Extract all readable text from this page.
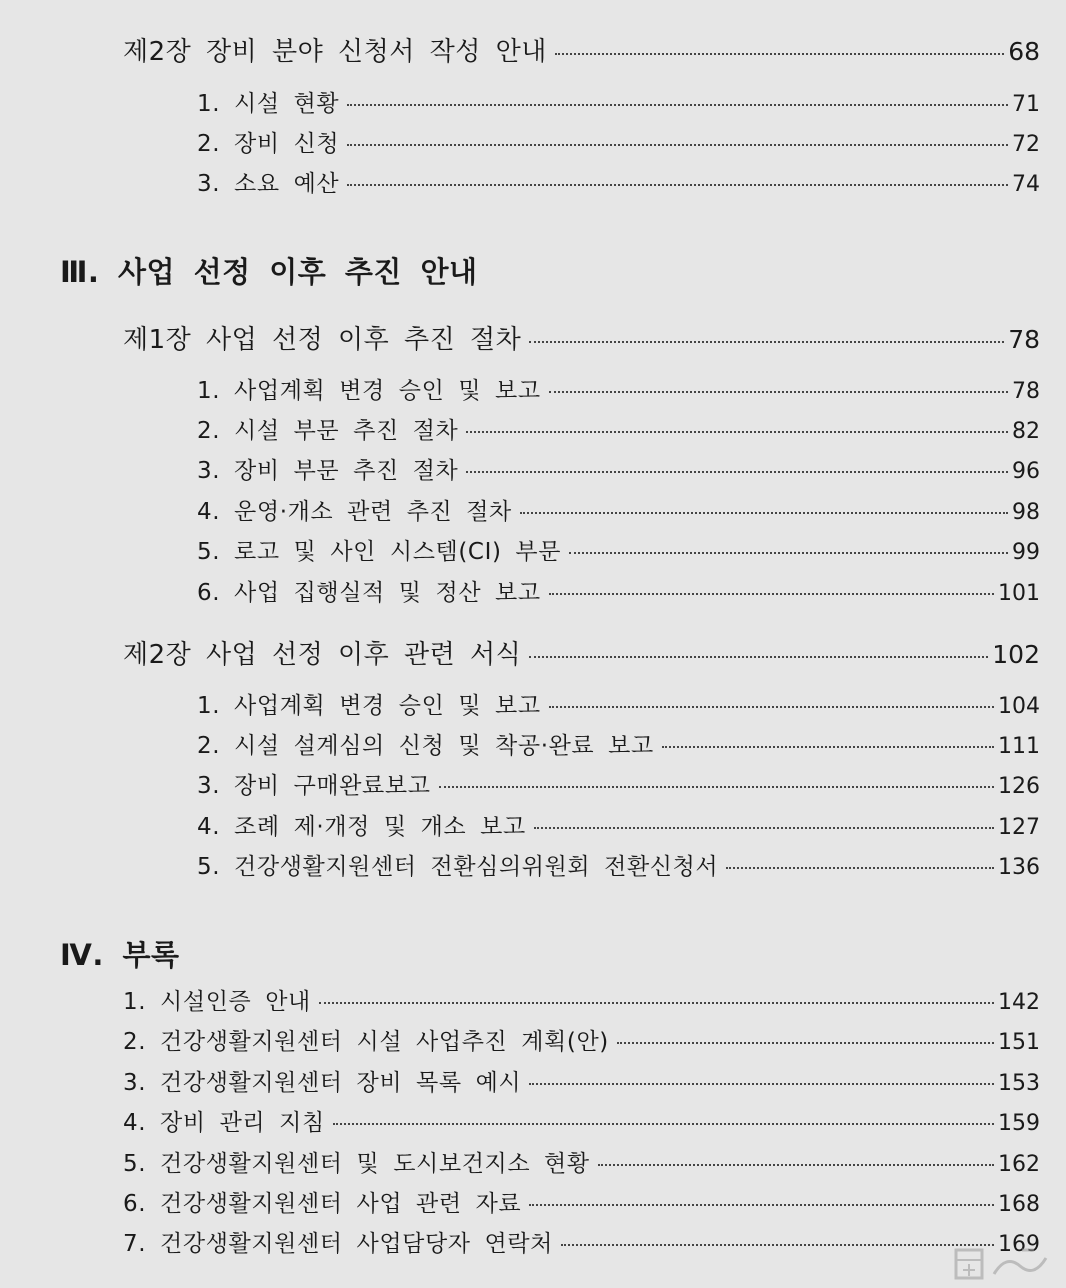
제2장 장비 분야 신청서 작성 안내	68
1. 시설 현황	71
2. 장비 신청	72
3. 소요 예산	74
Ⅲ. 사업 선정 이후 추진 안내
제1장 사업 선정 이후 추진 절차	78
1. 사업계획 변경 승인 및 보고	78
2. 시설 부문 추진 절차	82
3. 장비 부문 추진 절차	96
4. 운영·개소 관련 추진 절차	98
5. 로고 및 사인 시스템(CI) 부문	99
6. 사업 집행실적 및 정산 보고	101
제2장 사업 선정 이후 관련 서식	102
1. 사업계획 변경 승인 및 보고	104
2. 시설 설계심의 신청 및 착공·완료 보고	111
3. 장비 구매완료보고	126
4. 조례 제·개정 및 개소 보고	127
5. 건강생활지원센터 전환심의위원회 전환신청서	136
Ⅳ. 부록
1. 시설인증 안내	142
2. 건강생활지원센터 시설 사업추진 계획(안)	151
3. 건강생활지원센터 장비 목록 예시	153
4. 장비 관리 지침	159
5. 건강생활지원센터 및 도시보건지소 현황	162
6. 건강생활지원센터 사업 관련 자료	168
7. 건강생활지원센터 사업담당자 연락처	169
